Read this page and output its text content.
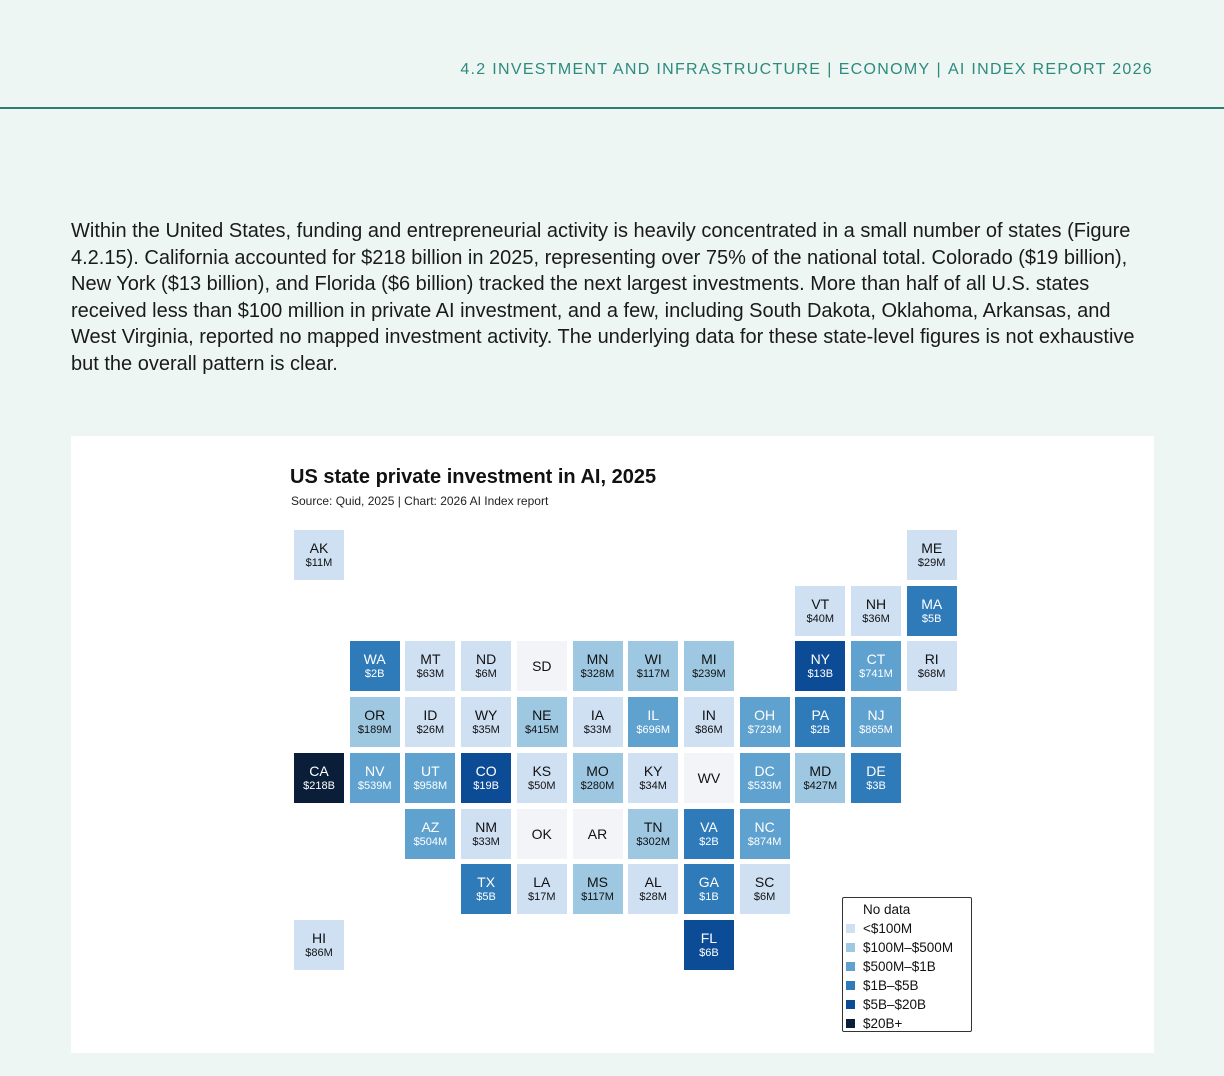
4.2 INVESTMENT AND INFRASTRUCTURE | ECONOMY | AI INDEX REPORT 2026

Within the United States, funding and entrepreneurial activity is heavily concentrated in a small number of states (Figure 4.2.15). California accounted for $218 billion in 2025, representing over 75% of the national total. Colorado ($19 billion), New York ($13 billion), and Florida ($6 billion) tracked the next largest investments. More than half of all U.S. states received less than $100 million in private AI investment, and a few, including South Dakota, Oklahoma, Arkansas, and West Virginia, reported no mapped investment activity. The underlying data for these state-level figures is not exhaustive but the overall pattern is clear.

US state private investment in AI, 2025
Source: Quid, 2025 | Chart: 2026 AI Index report
AK
$11M
ME
$29M
VT
$40M
NH
$36M
MA
$5B
WA
$2B
MT
$63M
ND
$6M	SD	MN
$328M
WI
$117M
MI
$239M
NY
$13B
CT
$741M
RI
$68M
OR
$189M
ID
$26M
WY
$35M
NE
$415M
IA
$33M
IL
$696M
IN
$86M
OH
$723M
PA
$2B
NJ
$865M
CA
$218B
NV
$539M
UT
$958M
CO
$19B
KS
$50M
MO
$280M
KY
$34M WV DC
$533M
MD
$427M
DE
$3B
AZ
$504M
NM
$33M OK	AR	TN
$302M
VA
$2B
NC
$874M
TX
$5B
LA
$17M
MS
$117M
AL
$28M
GA
$1B
SC
$6M
HI
$86M
FL
$6B
No data
<$100M
$100M–$500M
$500M–$1B
$1B–$5B
$5B–$20B
$20B+
